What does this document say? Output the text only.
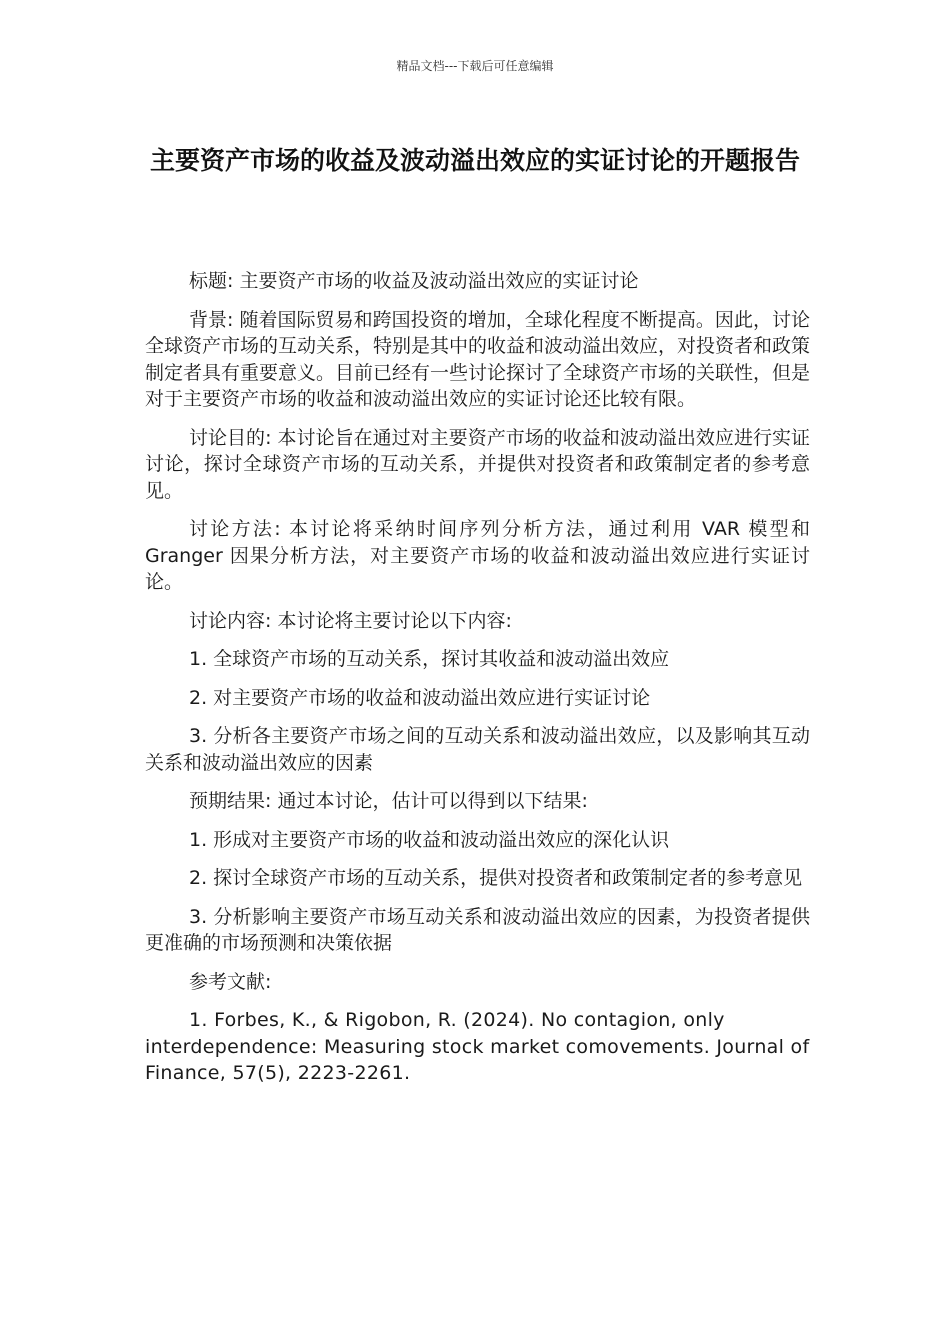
精品文档---下载后可任意编辑
主要资产市场的收益及波动溢出效应的实证讨论的开题报告

标题: 主要资产市场的收益及波动溢出效应的实证讨论

背景: 随着国际贸易和跨国投资的增加，全球化程度不断提高。因此，讨论全球资产市场的互动关系，特别是其中的收益和波动溢出效应，对投资者和政策制定者具有重要意义。目前已经有一些讨论探讨了全球资产市场的关联性，但是对于主要资产市场的收益和波动溢出效应的实证讨论还比较有限。

讨论目的: 本讨论旨在通过对主要资产市场的收益和波动溢出效应进行实证讨论，探讨全球资产市场的互动关系，并提供对投资者和政策制定者的参考意见。

讨论方法: 本讨论将采纳时间序列分析方法，通过利用 VAR 模型和 Granger 因果分析方法，对主要资产市场的收益和波动溢出效应进行实证讨论。

讨论内容: 本讨论将主要讨论以下内容:

1. 全球资产市场的互动关系，探讨其收益和波动溢出效应

2. 对主要资产市场的收益和波动溢出效应进行实证讨论

3. 分析各主要资产市场之间的互动关系和波动溢出效应，以及影响其互动关系和波动溢出效应的因素

预期结果: 通过本讨论，估计可以得到以下结果:

1. 形成对主要资产市场的收益和波动溢出效应的深化认识

2. 探讨全球资产市场的互动关系，提供对投资者和政策制定者的参考意见

3. 分析影响主要资产市场互动关系和波动溢出效应的因素，为投资者提供更准确的市场预测和决策依据

参考文献:

1. Forbes, K., & Rigobon, R. (2024). No contagion, only interdependence: Measuring stock market comovements. Journal of Finance, 57(5), 2223-2261.
